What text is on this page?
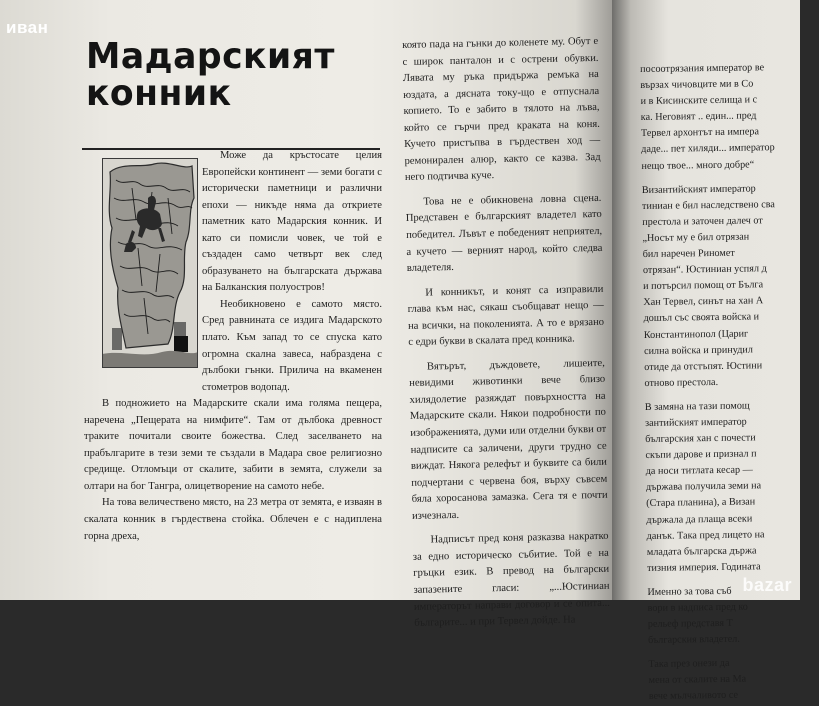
Мадарският
конник

Може да кръстосате целия Европейски континент — земи богати с исторически паметници и различни епохи — никъде няма да откриете паметник като Мадарския конник. И като си помисли човек, че той е създаден само четвърт век след образуването на българската държава на Балканския полуостров!

Необикновено е самото място. Сред равнината се издига Мадарското плато. Към запад то се спуска като огромна скална завеса, набраздена с дълбоки гънки. Прилича на вкаменен стометров водопад.

В подножието на Мадарските скали има голяма пещера, наречена „Пещерата на нимфите“. Там от дълбока древност траките почитали своите божества. След заселването на прабългарите в тези земи те създали в Мадара свое религиозно средище. Отломъци от скалите, забити в земята, служели за олтари на бог Тангра, олицетворение на самото небе.

На това величествено място, на 23 метра от земята, е изваян в скалата конник в гърдествена стойка. Облечен е с надиплена горна дреха,

която пада на гънки до коленете му. Обут е с широк панталон и с острени обувки. Лявата му ръка придържа ремъка на юздата, а дясната току-що е отпуснала копието. То е забито в тялото на лъва, който се гърчи пред краката на коня. Кучето пристъпва в гърдествен ход — ремонирален алюр, както се казва. Зад него подтичва куче.

Това не е обикновена ловна сцена. Представен е българският владетел като победител. Лъвът е победеният неприятел, а кучето — верният народ, който следва владетеля.

И конникът, и конят са изправили глава към нас, сякаш съобщават нещо — на всички, на поколенията. А то е врязано с едри букви в скалата пред конника.

Вятърът, дъждовете, лишеите, невидими животинки вече близо хилядолетие разяждат повърхността на Мадарските скали. Някои подробности по изображенията, думи или отделни букви от надписите са заличени, други трудно се виждат. Някога релефът и буквите са били подчертани с червена боя, върху съвсем бяла хоросанова замазка. Сега тя е почти изчезнала.

Надписът пред коня разказва накратко за едно историческо събитие. Той е на гръцки език. В превод на български запазените гласи: „...Юстиниан императорът направи договор и се опита... българите... и при Тервел дойде. На

посоотрязания император ве

вързах чичовците ми в Со

и в Кисинските селища и с

ка. Неговият .. един... пред

Тервел архонтът на импера

даде... пет хиляди... император

нещо твое... много добре“

Византийският император

тиниан е бил наследствено сва

престола и заточен далеч от

„Носът му е бил отрязан

бил наречен Риномет

отрязан“. Юстиниан успял д

и потърсил помощ от Бълга

Хан Тервел, синът на хан А

дошъл със своята войска и

Константинопол (Цариг

силна войска и принудил

отиде да отстъпят. Юстини

отново престола.

В замяна на тази помощ

зантийският император

българския хан с почести

скъпи дарове и признал п

да носи титлата кесар —

държава получила земи на

(Стара планина), а Визан

държала да плаща всеки

данък. Така пред лицето на

младата българска държа

тизния империя. Годината

Именно за това съб

вори в надписа пред ко

рельеф представя Т

българския владетел.

Така през онези да

мена от скалите на Ма

вече мълчаливото се

иван
bazar
